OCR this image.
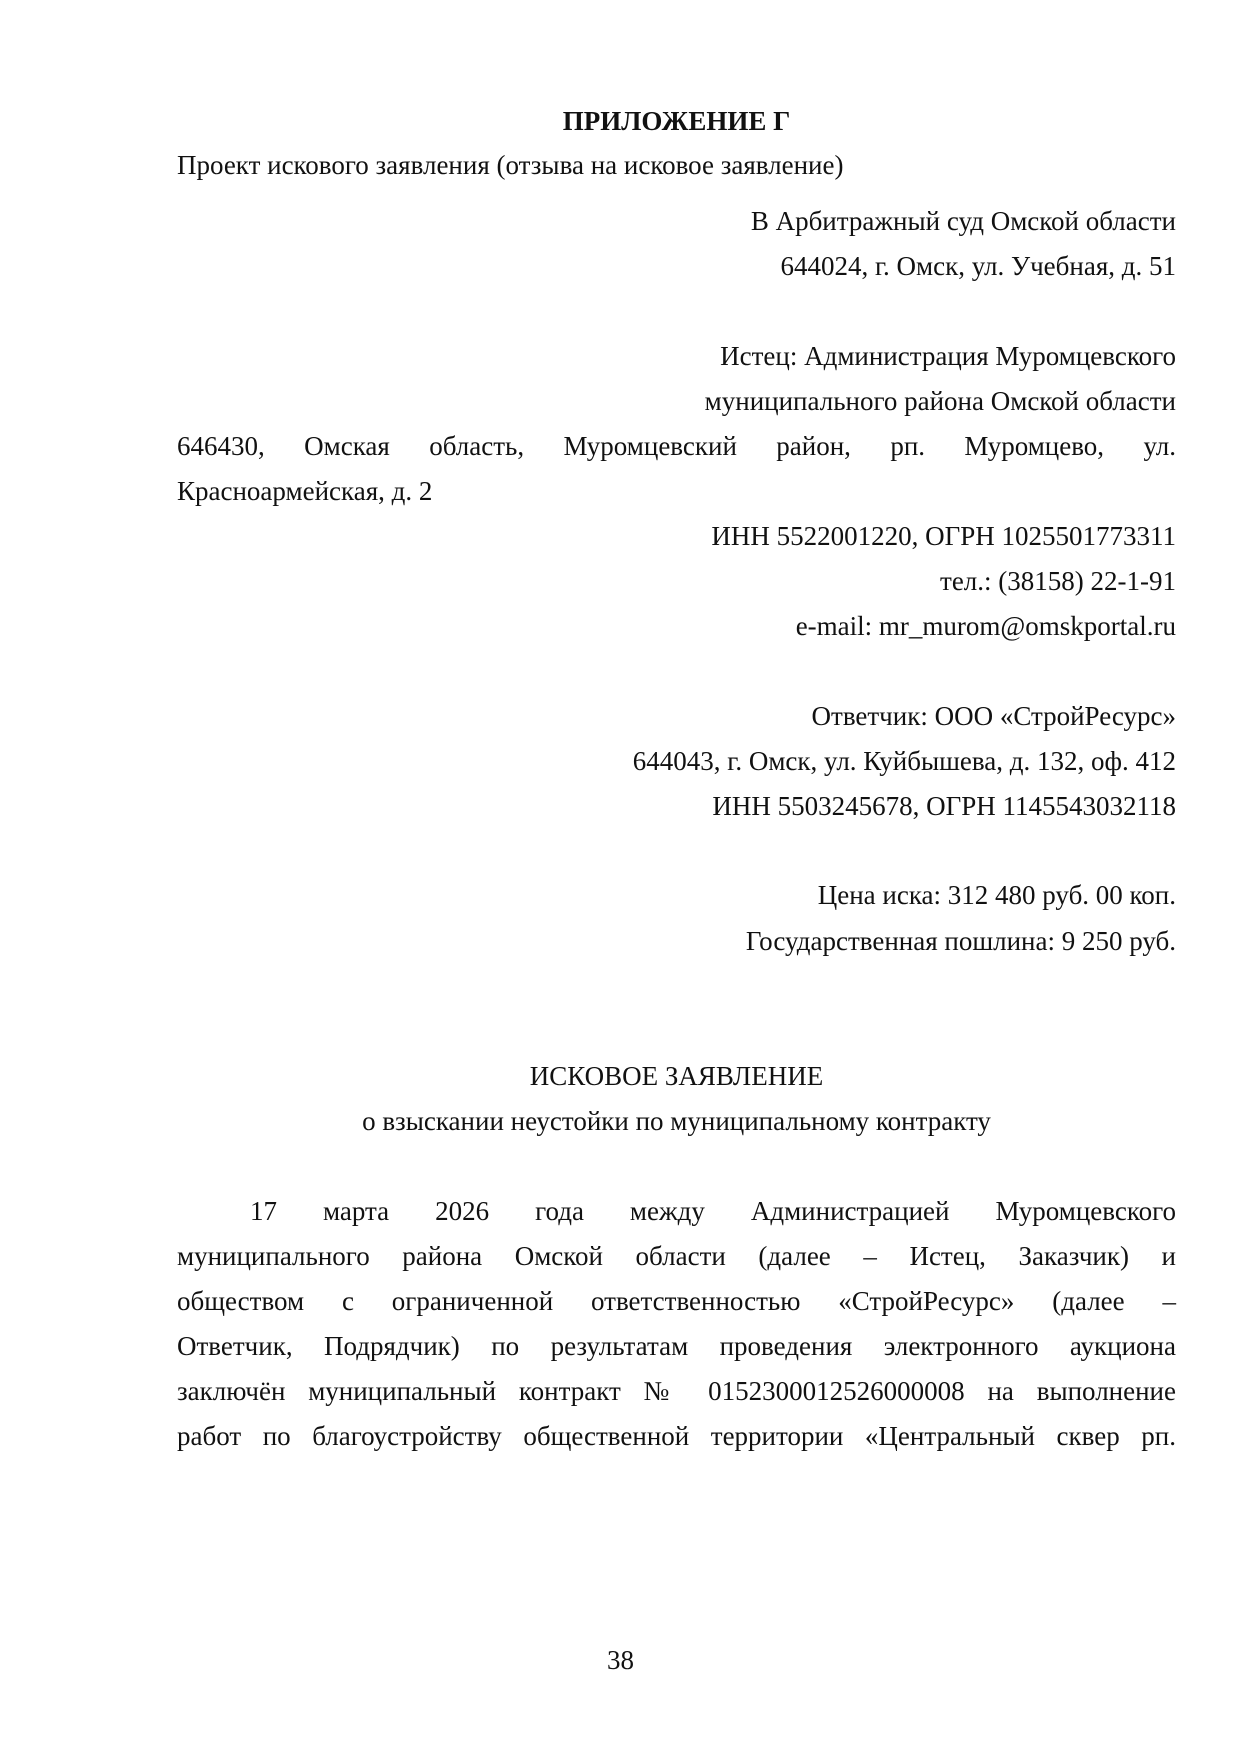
ПРИЛОЖЕНИЕ Г
Проект искового заявления (отзыва на исковое заявление)
В Арбитражный суд Омской области
644024, г. Омск, ул. Учебная, д. 51
Истец: Администрация Муромцевского
муниципального района Омской области
646430, Омская область, Муромцевский район, рп. Муромцево, ул.
Красноармейская, д. 2
ИНН 5522001220, ОГРН 1025501773311
тел.: (38158) 22-1-91
e-mail: mr_murom@omskportal.ru
Ответчик: ООО «СтройРесурс»
644043, г. Омск, ул. Куйбышева, д. 132, оф. 412
ИНН 5503245678, ОГРН 1145543032118
Цена иска: 312 480 руб. 00 коп.
Государственная пошлина: 9 250 руб.
ИСКОВОЕ ЗАЯВЛЕНИЕ
о взыскании неустойки по муниципальному контракту
17 марта 2026 года между Администрацией Муромцевского
муниципального района Омской области (далее – Истец, Заказчик) и
обществом с ограниченной ответственностью «СтройРесурс» (далее –
Ответчик, Подрядчик) по результатам проведения электронного аукциона
заключён муниципальный контракт № 0152300012526000008 на выполнение
работ по благоустройству общественной территории «Центральный сквер рп.
38
